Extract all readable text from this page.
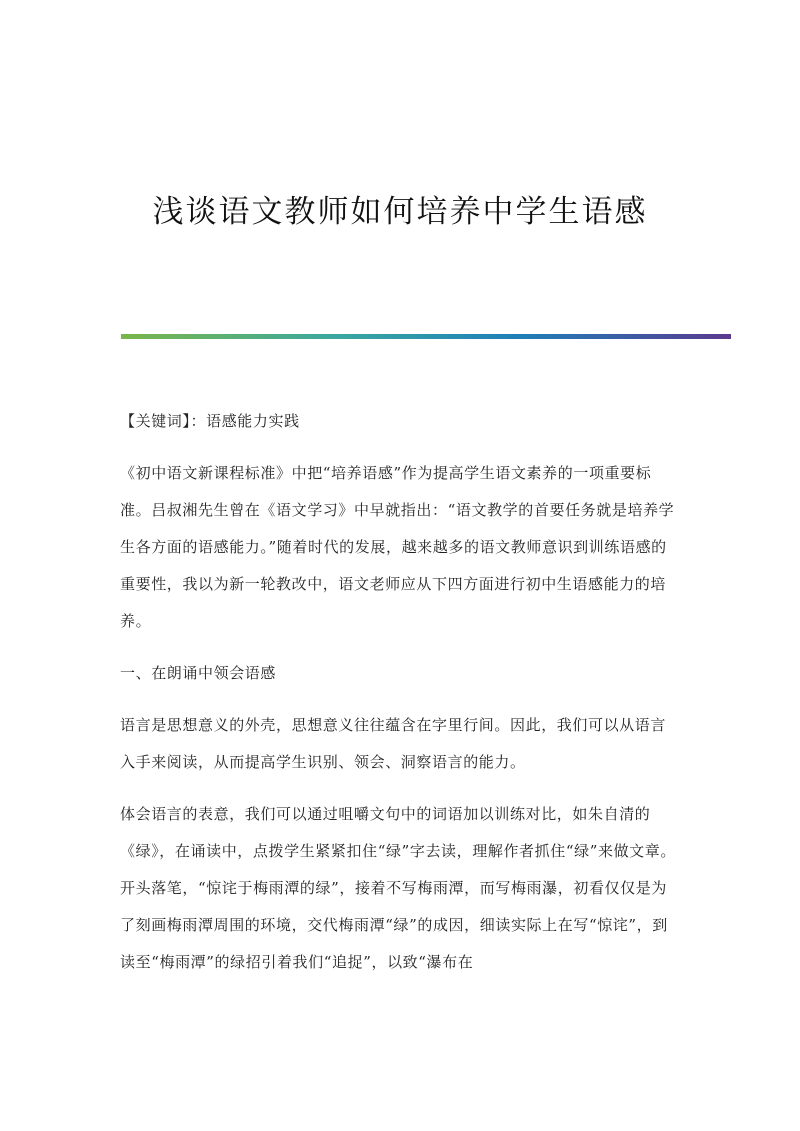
浅谈语文教师如何培养中学生语感

【关键词】：语感能力实践

《初中语文新课程标准》中把“培养语感”作为提高学生语文素养的一项重要标准。吕叔湘先生曾在《语文学习》中早就指出：“语文教学的首要任务就是培养学生各方面的语感能力。”随着时代的发展，越来越多的语文教师意识到训练语感的重要性，我以为新一轮教改中，语文老师应从下四方面进行初中生语感能力的培养。

一、在朗诵中领会语感

语言是思想意义的外壳，思想意义往往蕴含在字里行间。因此，我们可以从语言入手来阅读，从而提高学生识别、领会、洞察语言的能力。

体会语言的表意，我们可以通过咀嚼文句中的词语加以训练对比，如朱自清的《绿》，在诵读中，点拨学生紧紧扣住“绿”字去读，理解作者抓住“绿”来做文章。开头落笔，“惊诧于梅雨潭的绿”，接着不写梅雨潭，而写梅雨瀑，初看仅仅是为了刻画梅雨潭周围的环境，交代梅雨潭“绿”的成因，细读实际上在写“惊诧”，到读至“梅雨潭”的绿招引着我们“追捉”，以致“瀑布在
